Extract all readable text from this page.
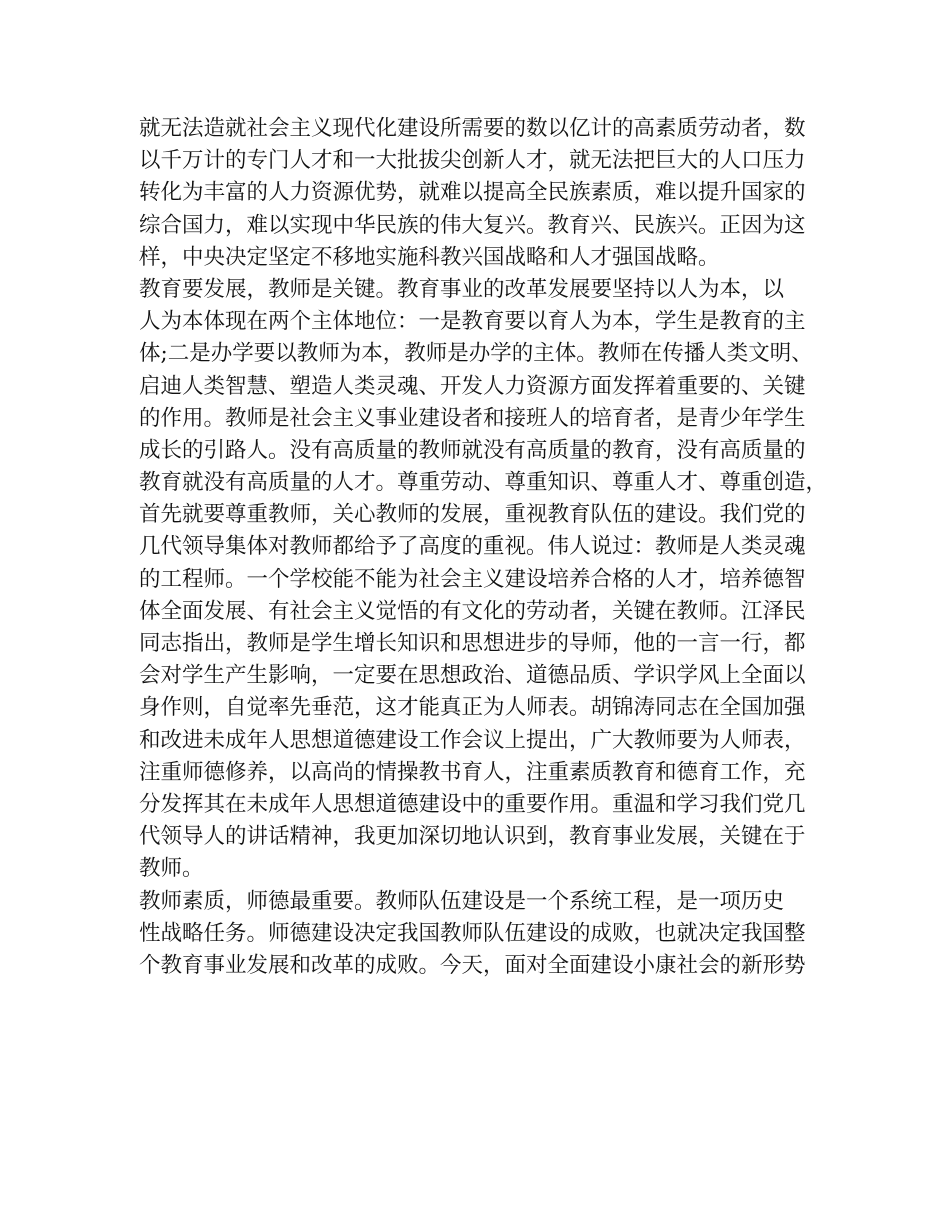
就无法造就社会主义现代化建设所需要的数以亿计的高素质劳动者，数
以千万计的专门人才和一大批拔尖创新人才，就无法把巨大的人口压力
转化为丰富的人力资源优势，就难以提高全民族素质，难以提升国家的
综合国力，难以实现中华民族的伟大复兴。教育兴、民族兴。正因为这
样，中央决定坚定不移地实施科教兴国战略和人才强国战略。
教育要发展，教师是关键。教育事业的改革发展要坚持以人为本，以
人为本体现在两个主体地位：一是教育要以育人为本，学生是教育的主
体;二是办学要以教师为本，教师是办学的主体。教师在传播人类文明、
启迪人类智慧、塑造人类灵魂、开发人力资源方面发挥着重要的、关键
的作用。教师是社会主义事业建设者和接班人的培育者，是青少年学生
成长的引路人。没有高质量的教师就没有高质量的教育，没有高质量的
教育就没有高质量的人才。尊重劳动、尊重知识、尊重人才、尊重创造，
首先就要尊重教师，关心教师的发展，重视教育队伍的建设。我们党的
几代领导集体对教师都给予了高度的重视。伟人说过：教师是人类灵魂
的工程师。一个学校能不能为社会主义建设培养合格的人才，培养德智
体全面发展、有社会主义觉悟的有文化的劳动者，关键在教师。江泽民
同志指出，教师是学生增长知识和思想进步的导师，他的一言一行，都
会对学生产生影响，一定要在思想政治、道德品质、学识学风上全面以
身作则，自觉率先垂范，这才能真正为人师表。胡锦涛同志在全国加强
和改进未成年人思想道德建设工作会议上提出，广大教师要为人师表，
注重师德修养，以高尚的情操教书育人，注重素质教育和德育工作，充
分发挥其在未成年人思想道德建设中的重要作用。重温和学习我们党几
代领导人的讲话精神，我更加深切地认识到，教育事业发展，关键在于
教师。
教师素质，师德最重要。教师队伍建设是一个系统工程，是一项历史
性战略任务。师德建设决定我国教师队伍建设的成败，也就决定我国整
个教育事业发展和改革的成败。今天，面对全面建设小康社会的新形势
